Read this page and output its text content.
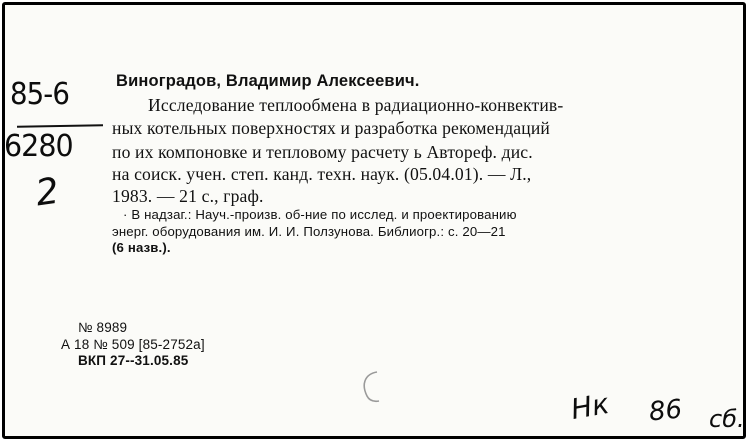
85-6
6280
2
Виноградов, Владимир Алексеевич.
Исследование теплообмена в радиационно-конвектив-
ных котельных поверхностях и разработка рекомендаций
по их компоновке и тепловому расчету ь Автореф. дис.
на соиск. учен. степ. канд. техн. наук. (05.04.01). — Л.,
1983. — 21 с., граф.
· В надзаг.: Науч.-произв. об-ние по исслед. и проектированию
энерг. оборудования им. И. И. Ползунова. Библиогр.: с. 20—21
(6 назв.).
№ 8989
А 18 № 509 [85-2752а]
ВКП 27--31.05.85
Нк 86 сб.
